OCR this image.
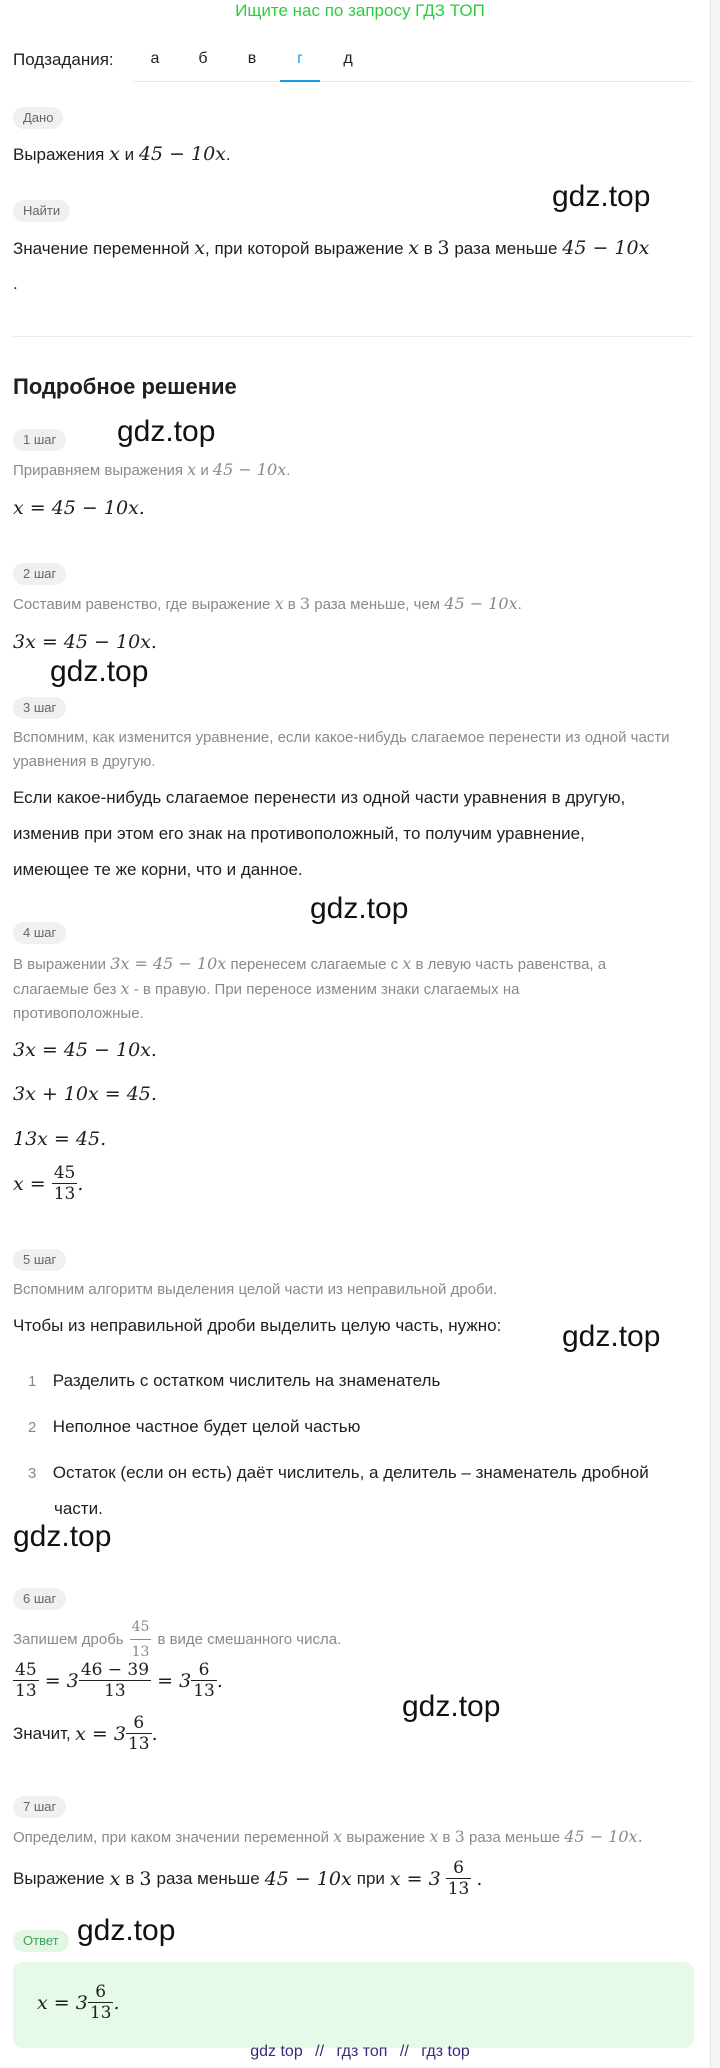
Ищите нас по запросу ГДЗ ТОП
Подзадания:	а	б	в	г	д
Дано
Выражения x и 45 − 10x.
gdz.top
Найти
Значение переменной x, при которой выражение x в 3 раза меньше 45 − 10x
.
Подробное решение
1 шаг	gdz.top
Приравняем выражения x и 45 − 10x.
x = 45 − 10x.
2 шаг
Составим равенство, где выражение x в 3 раза меньше, чем 45 − 10x.
3x = 45 − 10x.
gdz.top
3 шаг
Вспомним, как изменится уравнение, если какое-нибудь слагаемое перенести из одной части уравнения в другую.
Если какое-нибудь слагаемое перенести из одной части уравнения в другую,
изменив при этом его знак на противоположный, то получим уравнение,
имеющее те же корни, что и данное.
gdz.top
4 шаг
В выражении 3x = 45 − 10x перенесем слагаемые с x в левую часть равенства, а
слагаемые без x - в правую. При переносе изменим знаки слагаемых на
противоположные.
3x = 45 − 10x.
3x + 10x = 45.
13x = 45.
x =
$\frac{45}{13}$ .
5 шаг
Вспомним алгоритм выделения целой части из неправильной дроби.
Чтобы из неправильной дроби выделить целую часть, нужно: gdz.top
1 Разделить с остатком числитель на знаменатель
2 Неполное частное будет целой частью
3 Остаток (если он есть) даёт числитель, а делитель – знаменатель дробной
части.
gdz.top
6 шаг
Запишем дробь $\frac{45}{13}$ в виде смешанного числа.
$\frac{45}{13}$
= $3 \frac{46 - 39}{13}$
= $3 \frac{6}{13}$ .
gdz.top
Значит,
$x = 3 \frac{6}{13}$ .
7 шаг
Определим, при каком значении переменной x выражение x в 3 раза меньше 45 − 10x.
Выражение x в 3 раза меньше 45 − 10x при $x = 3 \frac{6}{13}$ .
Ответ gdz.top
$x = 3 \frac{6}{13}$ .
gdz top // гдз топ // гдз top
